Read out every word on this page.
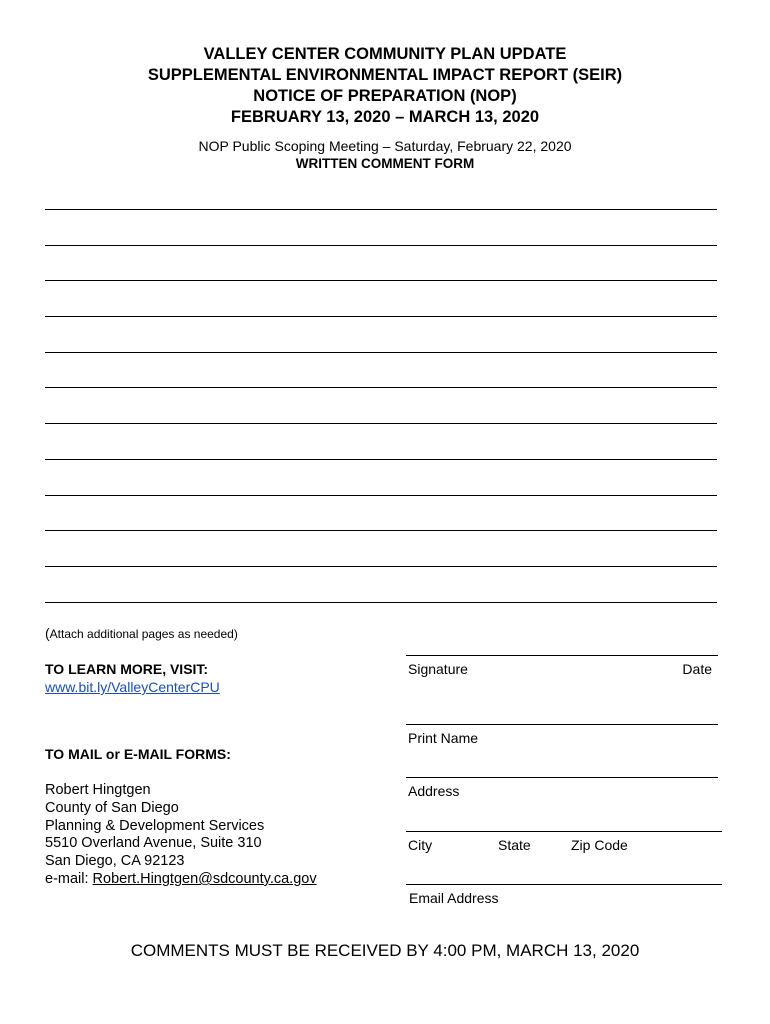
VALLEY CENTER COMMUNITY PLAN UPDATE
SUPPLEMENTAL ENVIRONMENTAL IMPACT REPORT (SEIR)
NOTICE OF PREPARATION (NOP)
FEBRUARY 13, 2020 – MARCH 13, 2020
NOP Public Scoping Meeting – Saturday, February 22, 2020
WRITTEN COMMENT FORM
(Attach additional pages as needed)
TO LEARN MORE, VISIT:
www.bit.ly/ValleyCenterCPU
TO MAIL or E-MAIL FORMS:
Robert Hingtgen
County of San Diego
Planning & Development Services
5510 Overland Avenue, Suite 310
San Diego, CA 92123
e-mail: Robert.Hingtgen@sdcounty.ca.gov
Signature	Date
Print Name
Address
City	State	Zip Code
Email Address
COMMENTS MUST BE RECEIVED BY 4:00 PM, MARCH 13, 2020
